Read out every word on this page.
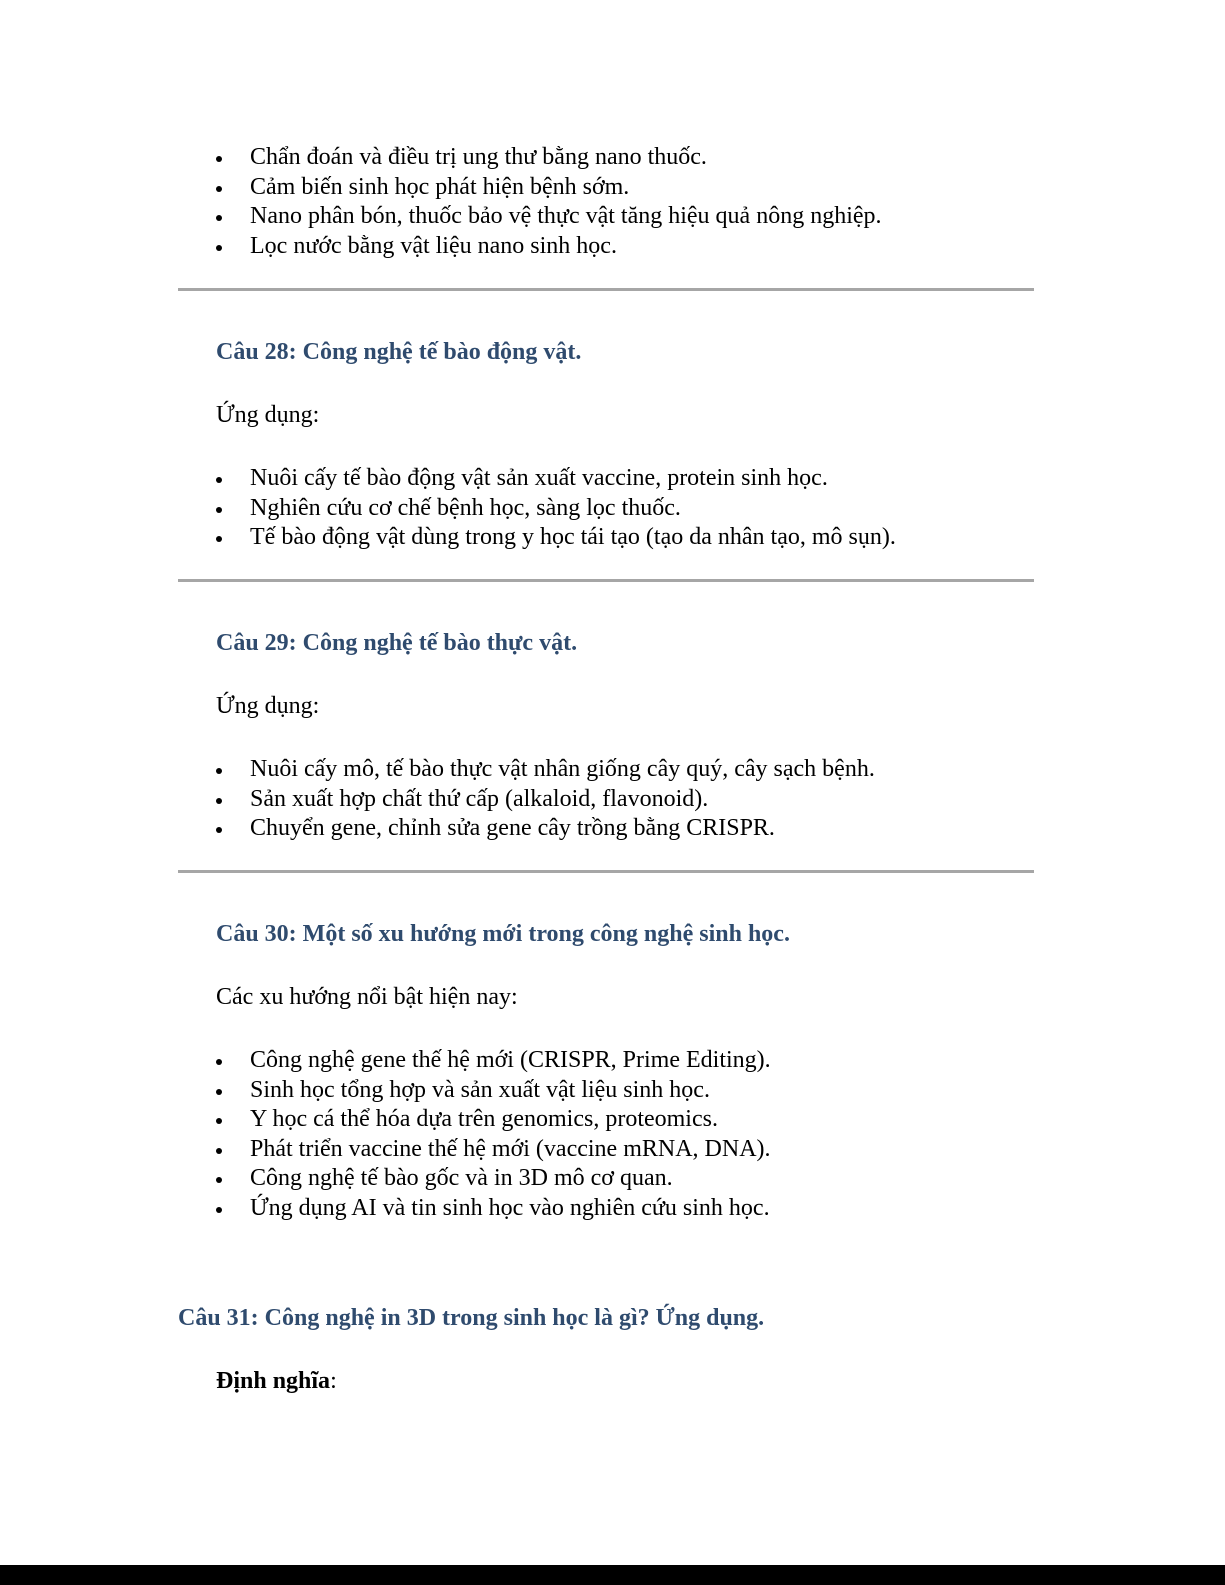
Chẩn đoán và điều trị ung thư bằng nano thuốc.
Cảm biến sinh học phát hiện bệnh sớm.
Nano phân bón, thuốc bảo vệ thực vật tăng hiệu quả nông nghiệp.
Lọc nước bằng vật liệu nano sinh học.
Câu 28: Công nghệ tế bào động vật.

Ứng dụng:

Nuôi cấy tế bào động vật sản xuất vaccine, protein sinh học.
Nghiên cứu cơ chế bệnh học, sàng lọc thuốc.
Tế bào động vật dùng trong y học tái tạo (tạo da nhân tạo, mô sụn).
Câu 29: Công nghệ tế bào thực vật.

Ứng dụng:

Nuôi cấy mô, tế bào thực vật nhân giống cây quý, cây sạch bệnh.
Sản xuất hợp chất thứ cấp (alkaloid, flavonoid).
Chuyển gene, chỉnh sửa gene cây trồng bằng CRISPR.
Câu 30: Một số xu hướng mới trong công nghệ sinh học.

Các xu hướng nổi bật hiện nay:

Công nghệ gene thế hệ mới (CRISPR, Prime Editing).
Sinh học tổng hợp và sản xuất vật liệu sinh học.
Y học cá thể hóa dựa trên genomics, proteomics.
Phát triển vaccine thế hệ mới (vaccine mRNA, DNA).
Công nghệ tế bào gốc và in 3D mô cơ quan.
Ứng dụng AI và tin sinh học vào nghiên cứu sinh học.
Câu 31: Công nghệ in 3D trong sinh học là gì? Ứng dụng.

Định nghĩa:
